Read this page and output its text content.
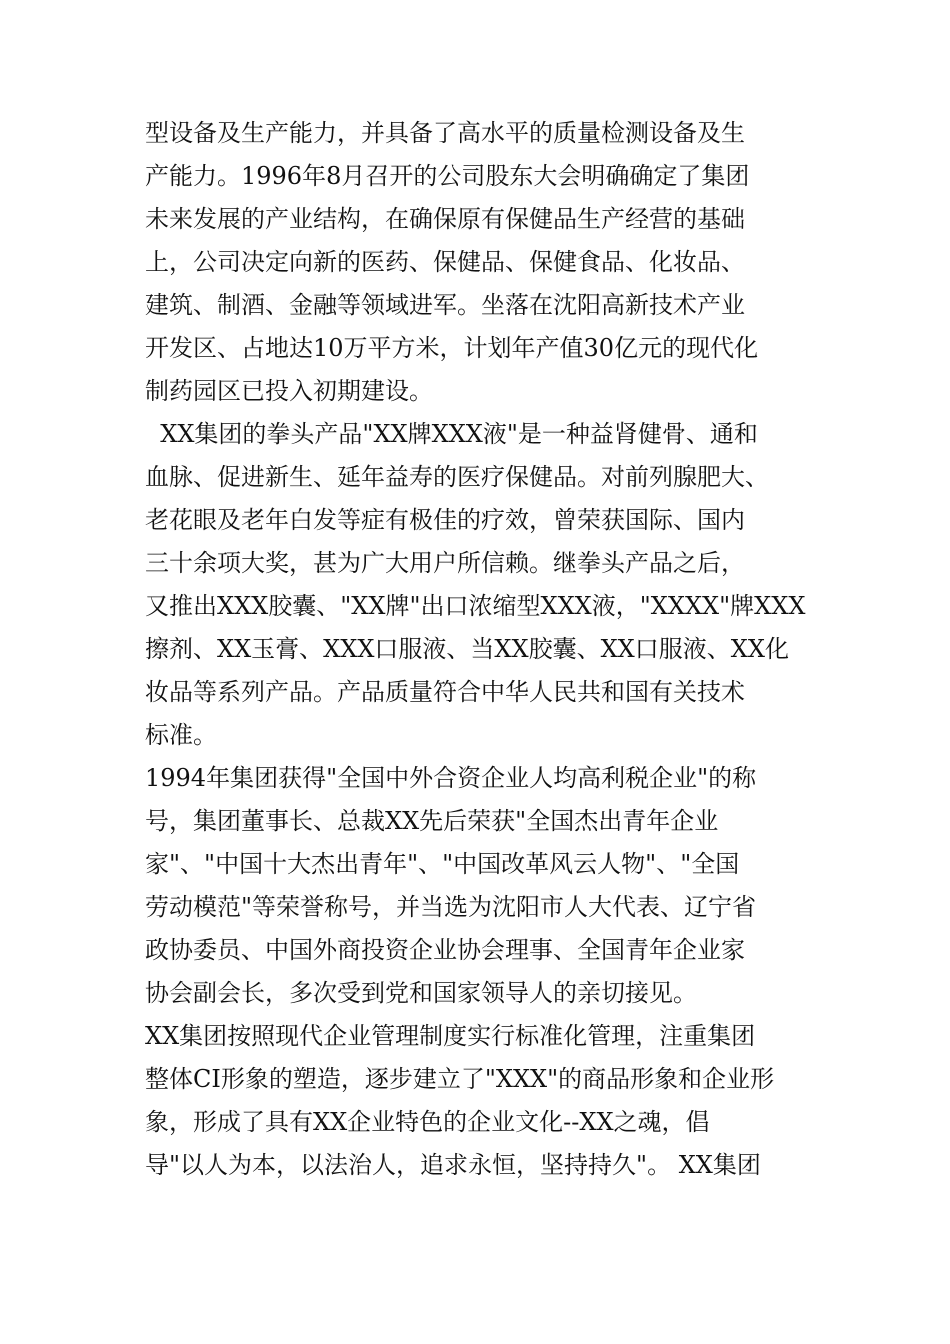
型设备及生产能力，并具备了高水平的质量检测设备及生
产能力。1996年8月召开的公司股东大会明确确定了集团
未来发展的产业结构，在确保原有保健品生产经营的基础
上，公司决定向新的医药、保健品、保健食品、化妆品、
建筑、制酒、金融等领域进军。坐落在沈阳高新技术产业
开发区、占地达10万平方米，计划年产值30亿元的现代化
制药园区已投入初期建设。
XX集团的拳头产品"XX牌XXX液"是一种益肾健骨、通和
血脉、促进新生、延年益寿的医疗保健品。对前列腺肥大、
老花眼及老年白发等症有极佳的疗效，曾荣获国际、国内
三十余项大奖，甚为广大用户所信赖。继拳头产品之后，
又推出XXX胶囊、"XX牌"出口浓缩型XXX液，"XXXX"牌XXX
擦剂、XX玉膏、XXX口服液、当XX胶囊、XX口服液、XX化
妆品等系列产品。产品质量符合中华人民共和国有关技术
标准。
1994年集团获得"全国中外合资企业人均高利税企业"的称
号，集团董事长、总裁XX先后荣获"全国杰出青年企业
家"、"中国十大杰出青年"、"中国改革风云人物"、"全国
劳动模范"等荣誉称号，并当选为沈阳市人大代表、辽宁省
政协委员、中国外商投资企业协会理事、全国青年企业家
协会副会长，多次受到党和国家领导人的亲切接见。
XX集团按照现代企业管理制度实行标准化管理，注重集团
整体CI形象的塑造，逐步建立了"XXX"的商品形象和企业形
象，形成了具有XX企业特色的企业文化--XX之魂，倡
导"以人为本，以法治人，追求永恒，坚持持久"。 XX集团
